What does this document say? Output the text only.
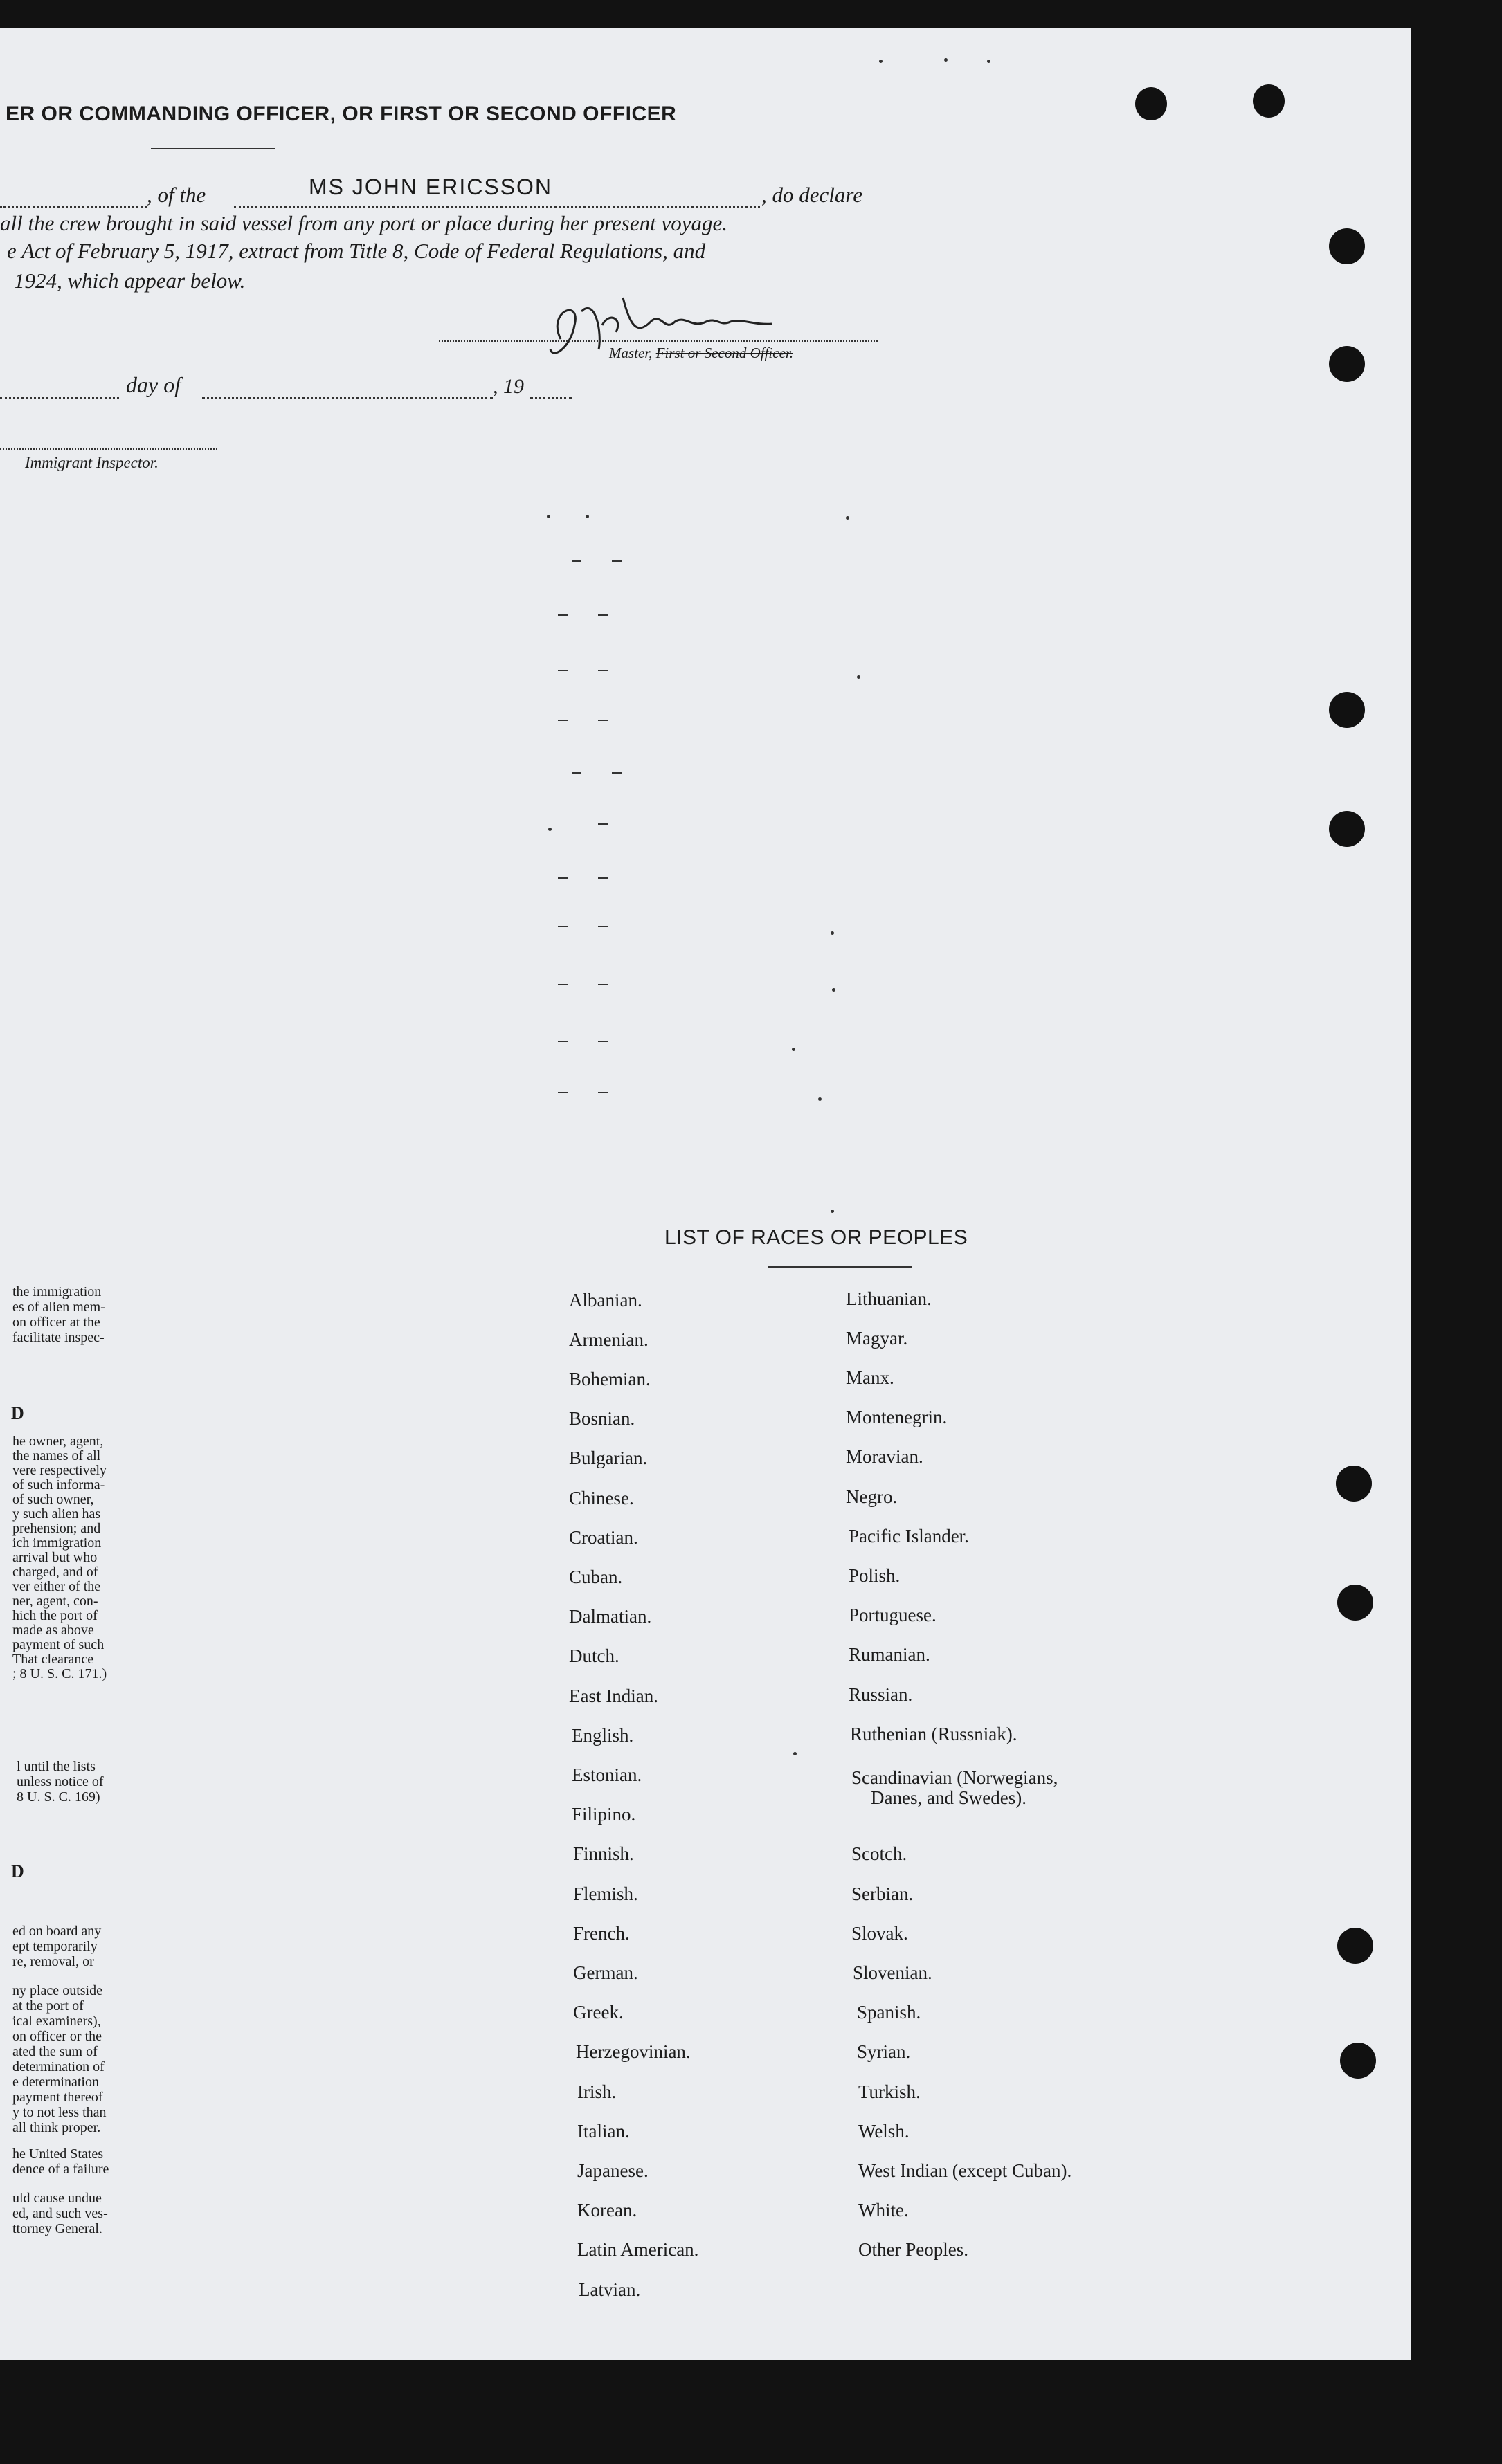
ER OR COMMANDING OFFICER, OR FIRST OR SECOND OFFICER
, of the	MS JOHN ERICSSON	, do declare
all the crew brought in said vessel from any port or place during her present voyage.
e Act of February 5, 1917, extract from Title 8, Code of Federal Regulations, and
1924, which appear below.
Master, First or Second Officer.
day of	, 19
Immigrant Inspector.
the immigration
es of alien mem-
on officer at the
facilitate inspec-
D
he owner, agent,
the names of all
vere respectively
of such informa-
of such owner,
y such alien has
prehension; and
ich immigration
arrival but who
charged, and of
ver either of the
ner, agent, con-
hich the port of
made as above
payment of such
That clearance
; 8 U. S. C. 171.)
l until the lists
unless notice of
8 U. S. C. 169)
D
ed on board any
ept temporarily
re, removal, or
ny place outside
at the port of
ical examiners),
on officer or the
ated the sum of
determination of
e determination
payment thereof
y to not less than
all think proper.
he United States
dence of a failure
uld cause undue
ed, and such ves-
ttorney General.
LIST OF RACES OR PEOPLES
Albanian.
Armenian.
Bohemian.
Bosnian.
Bulgarian.
Chinese.
Croatian.
Cuban.
Dalmatian.
Dutch.
East Indian.
English.
Estonian.
Filipino.
Finnish.
Flemish.
French.
German.
Greek.
Herzegovinian.
Irish.
Italian.
Japanese.
Korean.
Latin American.
Latvian.
Lithuanian.
Magyar.
Manx.
Montenegrin.
Moravian.
Negro.
Pacific Islander.
Polish.
Portuguese.
Rumanian.
Russian.
Ruthenian (Russniak).
Scandinavian (Norwegians,
Danes, and Swedes).
Scotch.
Serbian.
Slovak.
Slovenian.
Spanish.
Syrian.
Turkish.
Welsh.
West Indian (except Cuban).
White.
Other Peoples.
